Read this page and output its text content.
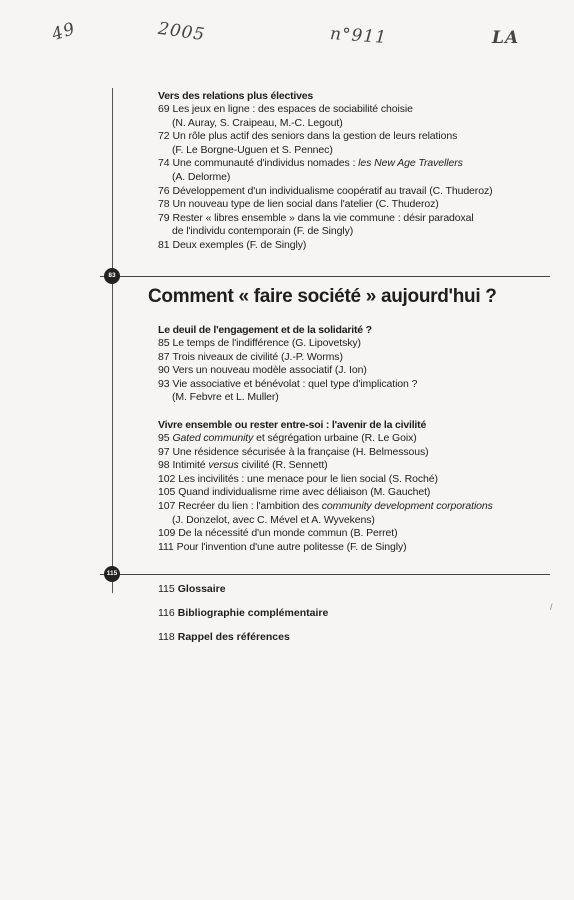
49	2005	n°911	LA
83
115
Vers des relations plus électives
69 Les jeux en ligne : des espaces de sociabilité choisie
(N. Auray, S. Craipeau, M.-C. Legout)
72 Un rôle plus actif des seniors dans la gestion de leurs relations
(F. Le Borgne-Uguen et S. Pennec)
74 Une communauté d'individus nomades : les New Age Travellers
(A. Delorme)
76 Développement d'un individualisme coopératif au travail (C. Thuderoz)
78 Un nouveau type de lien social dans l'atelier (C. Thuderoz)
79 Rester « libres ensemble » dans la vie commune : désir paradoxal
de l'individu contemporain (F. de Singly)
81 Deux exemples (F. de Singly)
Comment « faire société » aujourd'hui ?
Le deuil de l'engagement et de la solidarité ?
85 Le temps de l'indifférence (G. Lipovetsky)
87 Trois niveaux de civilité (J.-P. Worms)
90 Vers un nouveau modèle associatif (J. Ion)
93 Vie associative et bénévolat : quel type d'implication ?
(M. Febvre et L. Muller)
Vivre ensemble ou rester entre-soi : l'avenir de la civilité
95 Gated community et ségrégation urbaine (R. Le Goix)
97 Une résidence sécurisée à la française (H. Belmessous)
98 Intimité versus civilité (R. Sennett)
102 Les incivilités : une menace pour le lien social (S. Roché)
105 Quand individualisme rime avec déliaison (M. Gauchet)
107 Recréer du lien : l'ambition des community development corporations
(J. Donzelot, avec C. Mével et A. Wyvekens)
109 De la nécessité d'un monde commun (B. Perret)
111 Pour l'invention d'une autre politesse (F. de Singly)
115 Glossaire
116 Bibliographie complémentaire
118 Rappel des références
/
